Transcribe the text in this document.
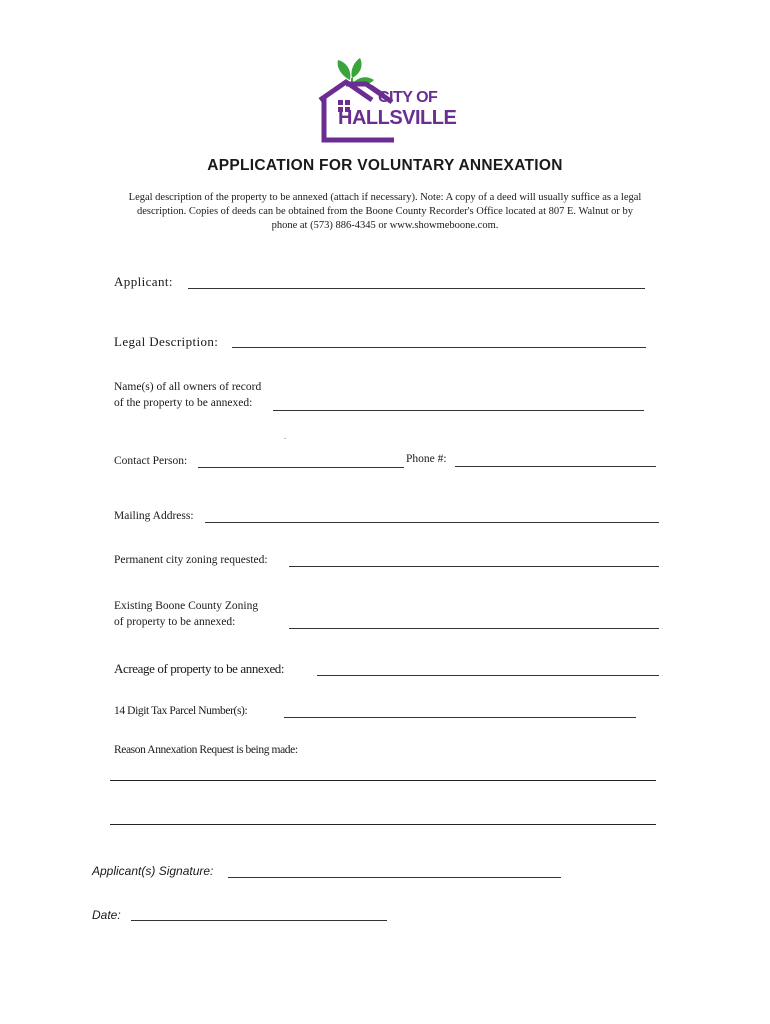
CITY OF
HALLSVILLE
APPLICATION FOR VOLUNTARY ANNEXATION
Legal description of the property to be annexed (attach if necessary). Note: A copy of a deed will usually suffice as a legal
description. Copies of deeds can be obtained from the Boone County Recorder's Office located at 807 E. Walnut or by
phone at (573) 886-4345 or www.showmeboone.com.
Applicant:
Legal Description:
Name(s) of all owners of record
of the property to be annexed:
.
Contact Person:	Phone #:
Mailing Address:
Permanent city zoning requested:
Existing Boone County Zoning
of property to be annexed:
Acreage of property to be annexed:
14 Digit Tax Parcel Number(s):
Reason Annexation Request is being made:
Applicant(s) Signature:
Date:
